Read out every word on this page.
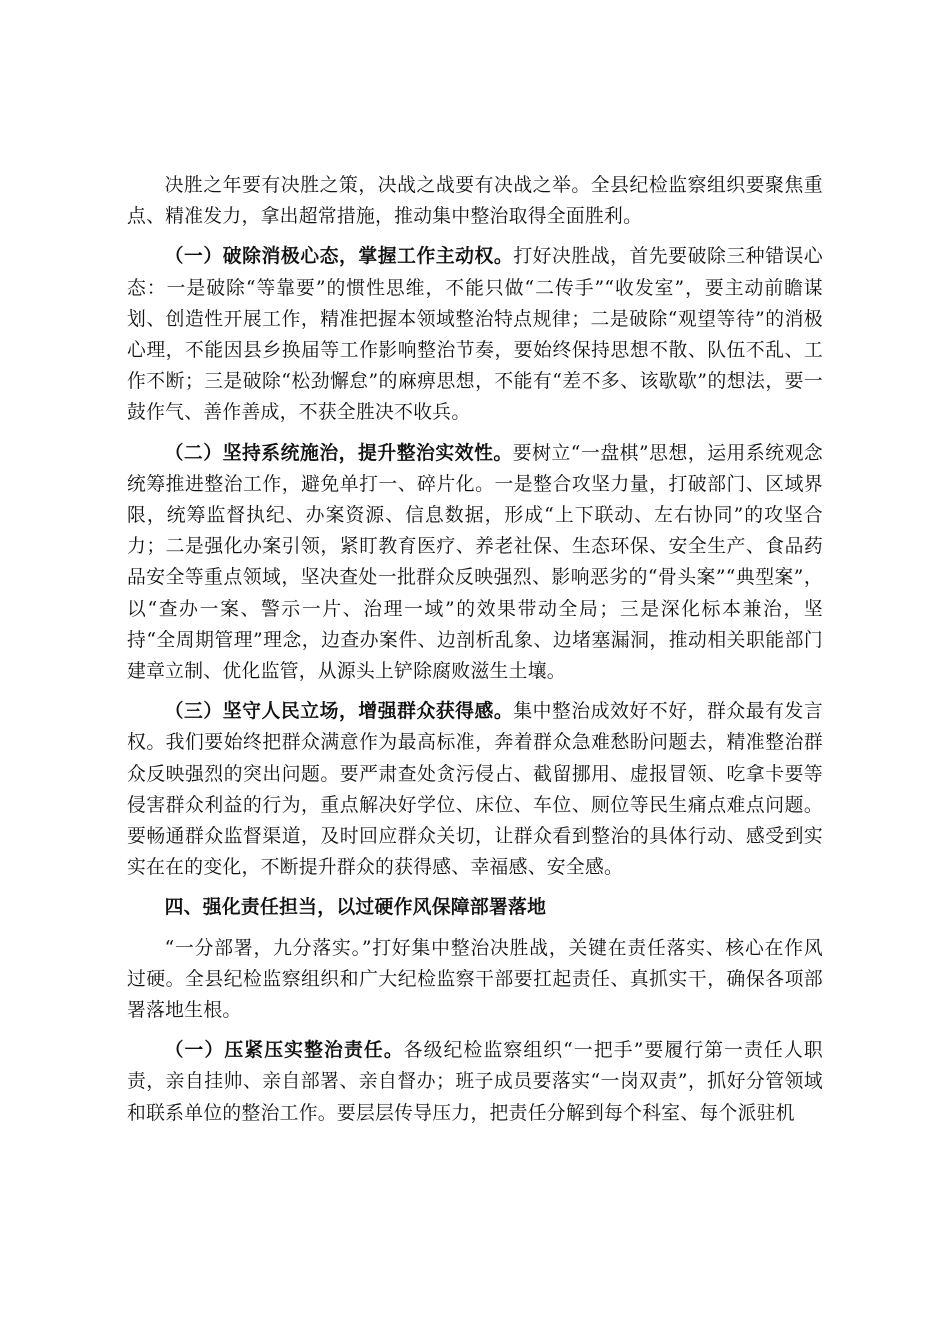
决胜之年要有决胜之策，决战之战要有决战之举。全县纪检监察组织要聚焦重点、精准发力，拿出超常措施，推动集中整治取得全面胜利。

（一）破除消极心态，掌握工作主动权。打好决胜战，首先要破除三种错误心态：一是破除“等靠要”的惯性思维，不能只做“二传手”“收发室”，要主动前瞻谋划、创造性开展工作，精准把握本领域整治特点规律；二是破除“观望等待”的消极心理，不能因县乡换届等工作影响整治节奏，要始终保持思想不散、队伍不乱、工作不断；三是破除“松劲懈怠”的麻痹思想，不能有“差不多、该歇歇”的想法，要一鼓作气、善作善成，不获全胜决不收兵。

（二）坚持系统施治，提升整治实效性。要树立“一盘棋”思想，运用系统观念统筹推进整治工作，避免单打一、碎片化。一是整合攻坚力量，打破部门、区域界限，统筹监督执纪、办案资源、信息数据，形成“上下联动、左右协同”的攻坚合力；二是强化办案引领，紧盯教育医疗、养老社保、生态环保、安全生产、食品药品安全等重点领域，坚决查处一批群众反映强烈、影响恶劣的“骨头案”“典型案”，以“查办一案、警示一片、治理一域”的效果带动全局；三是深化标本兼治，坚持“全周期管理”理念，边查办案件、边剖析乱象、边堵塞漏洞，推动相关职能部门建章立制、优化监管，从源头上铲除腐败滋生土壤。

（三）坚守人民立场，增强群众获得感。集中整治成效好不好，群众最有发言权。我们要始终把群众满意作为最高标准，奔着群众急难愁盼问题去，精准整治群众反映强烈的突出问题。要严肃查处贪污侵占、截留挪用、虚报冒领、吃拿卡要等侵害群众利益的行为，重点解决好学位、床位、车位、厕位等民生痛点难点问题。要畅通群众监督渠道，及时回应群众关切，让群众看到整治的具体行动、感受到实实在在的变化，不断提升群众的获得感、幸福感、安全感。

四、强化责任担当，以过硬作风保障部署落地

“一分部署，九分落实。”打好集中整治决胜战，关键在责任落实、核心在作风过硬。全县纪检监察组织和广大纪检监察干部要扛起责任、真抓实干，确保各项部署落地生根。

（一）压紧压实整治责任。各级纪检监察组织“一把手”要履行第一责任人职责，亲自挂帅、亲自部署、亲自督办；班子成员要落实“一岗双责”，抓好分管领域和联系单位的整治工作。要层层传导压力，把责任分解到每个科室、每个派驻机
